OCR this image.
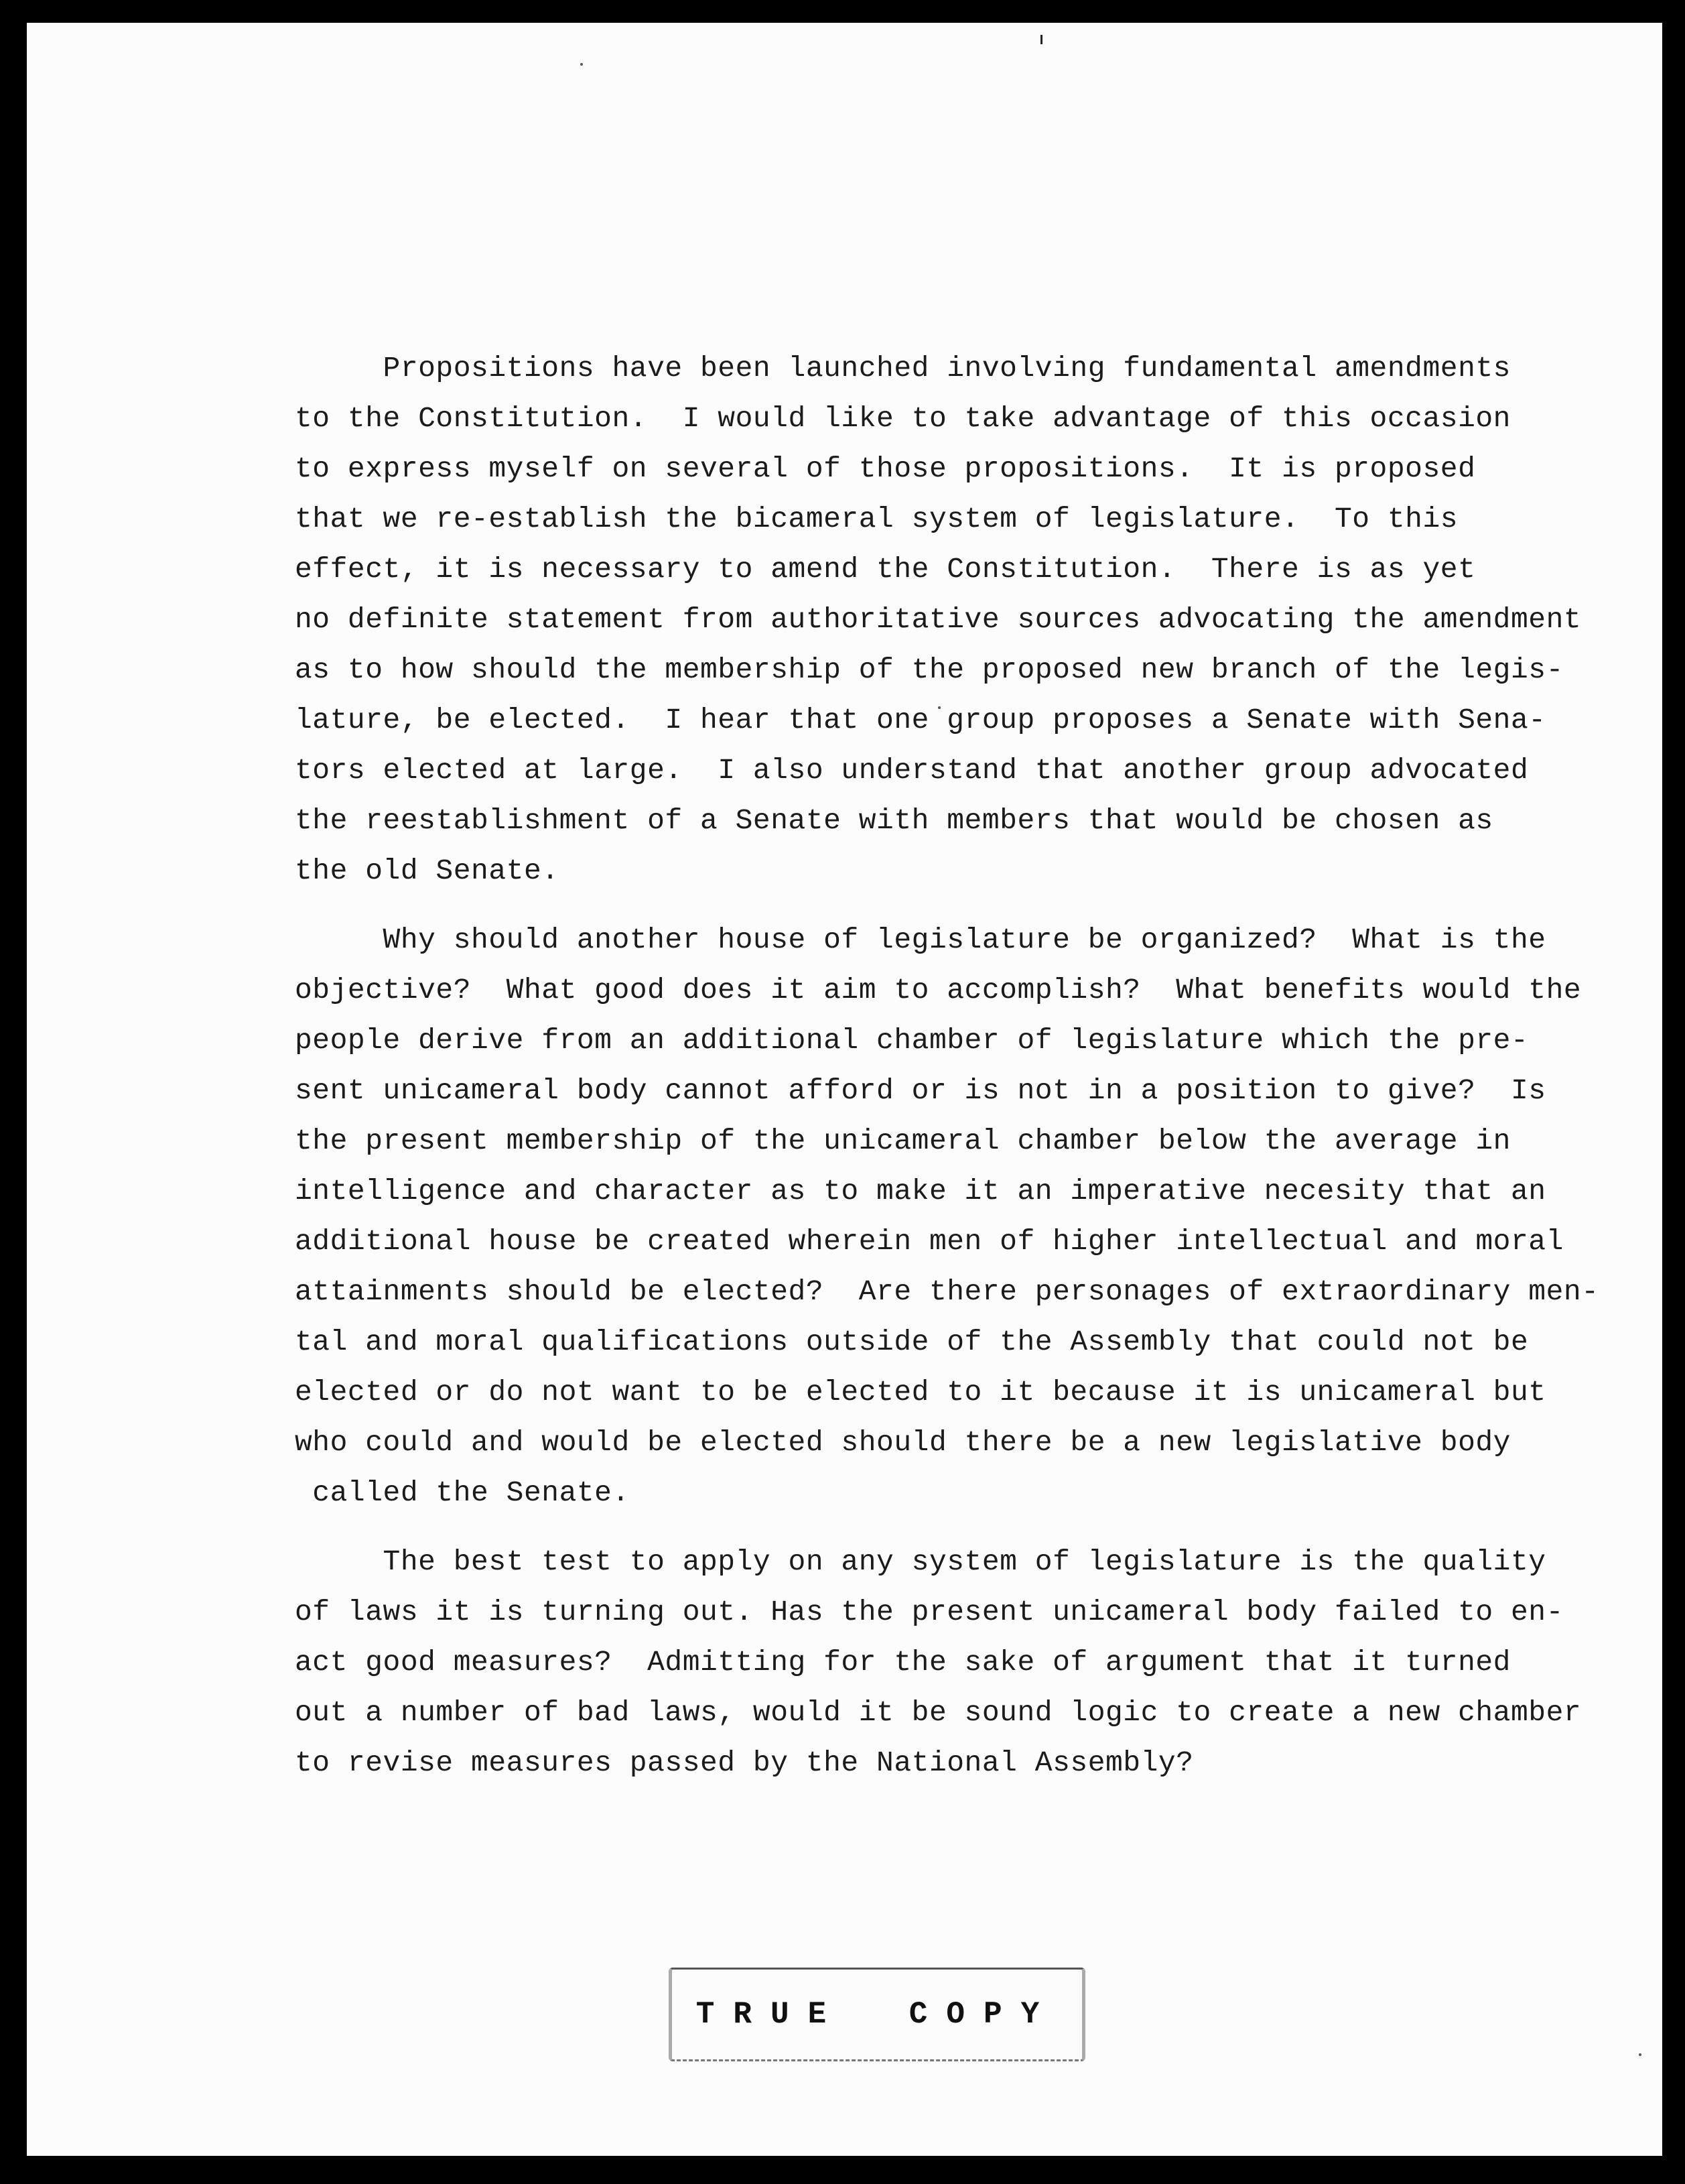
Propositions have been launched involving fundamental amendments
to the Constitution.  I would like to take advantage of this occasion
to express myself on several of those propositions.  It is proposed
that we re-establish the bicameral system of legislature.  To this
effect, it is necessary to amend the Constitution.  There is as yet
no definite statement from authoritative sources advocating the amendment
as to how should the membership of the proposed new branch of the legis-
lature, be elected.  I hear that one group proposes a Senate with Sena-
tors elected at large.  I also understand that another group advocated
the reestablishment of a Senate with members that would be chosen as
the old Senate.
Why should another house of legislature be organized?  What is the
objective?  What good does it aim to accomplish?  What benefits would the
people derive from an additional chamber of legislature which the pre-
sent unicameral body cannot afford or is not in a position to give?  Is
the present membership of the unicameral chamber below the average in
intelligence and character as to make it an imperative necesity that an
additional house be created wherein men of higher intellectual and moral
attainments should be elected?  Are there personages of extraordinary men-
tal and moral qualifications outside of the Assembly that could not be
elected or do not want to be elected to it because it is unicameral but
who could and would be elected should there be a new legislative body
called the Senate.
The best test to apply on any system of legislature is the quality
of laws it is turning out. Has the present unicameral body failed to en-
act good measures?  Admitting for the sake of argument that it turned
out a number of bad laws, would it be sound logic to create a new chamber
to revise measures passed by the National Assembly?
TRUE COPY
